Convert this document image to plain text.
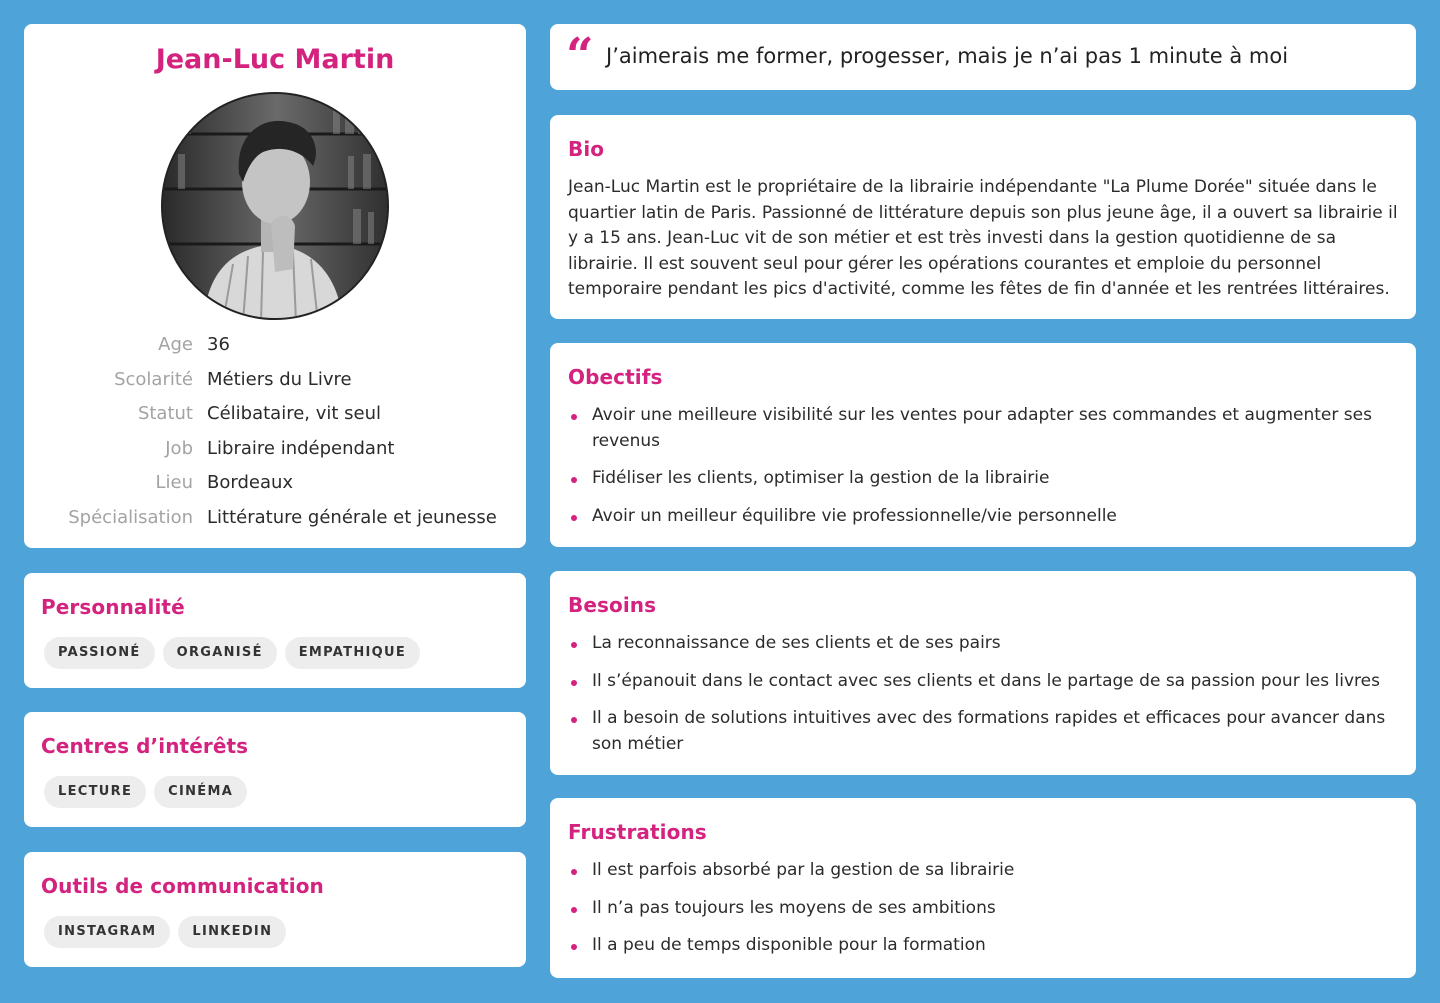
Jean-Luc Martin
Age 36
Scolarité Métiers du Livre
Statut Célibataire, vit seul
Job Libraire indépendant
Lieu Bordeaux
Spécialisation Littérature générale et jeunesse
Personnalité
PASSIONÉ	ORGANISÉ	EMPATHIQUE
Centres d’intérêts
LECTURE	CINÉMA
Outils de communication
INSTAGRAM	LINKEDIN
“ J’aimerais me former, progesser, mais je n’ai pas 1 minute à moi
Bio

Jean-Luc Martin est le propriétaire de la librairie indépendante "La Plume Dorée" située dans le quartier latin de Paris. Passionné de littérature depuis son plus jeune âge, il a ouvert sa librairie il y a 15 ans. Jean-Luc vit de son métier et est très investi dans la gestion quotidienne de sa librairie. Il est souvent seul pour gérer les opérations courantes et emploie du personnel temporaire pendant les pics d'activité, comme les fêtes de fin d'année et les rentrées littéraires.

Obectifs
Avoir une meilleure visibilité sur les ventes pour adapter ses commandes et augmenter ses revenus
Fidéliser les clients, optimiser la gestion de la librairie
Avoir un meilleur équilibre vie professionnelle/vie personnelle
Besoins
La reconnaissance de ses clients et de ses pairs
Il s’épanouit dans le contact avec ses clients et dans le partage de sa passion pour les livres
Il a besoin de solutions intuitives avec des formations rapides et efficaces pour avancer dans son métier
Frustrations
Il est parfois absorbé par la gestion de sa librairie
Il n’a pas toujours les moyens de ses ambitions
Il a peu de temps disponible pour la formation
